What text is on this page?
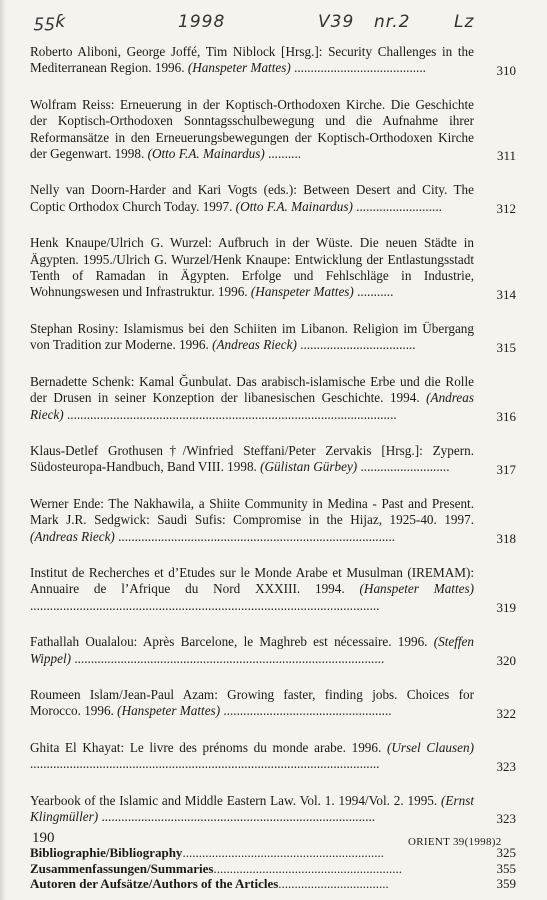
ƽƽƙ	1998	V39 nr.2	Lz
Roberto Aliboni, George Joffé, Tim Niblock [Hrsg.]: Security Challenges in the Mediterranean Region. 1996. (Hanspeter Mattes) ........................................	310
Wolfram Reiss: Erneuerung in der Koptisch-Orthodoxen Kirche. Die Geschichte der Koptisch-Orthodoxen Sonntagsschulbewegung und die Aufnahme ihrer Reformansätze in den Erneuerungsbewegungen der Koptisch-Orthodoxen Kirche der Gegenwart. 1998. (Otto F.A. Mainardus) ..........	311
Nelly van Doorn-Harder and Kari Vogts (eds.): Between Desert and City. The Coptic Orthodox Church Today. 1997. (Otto F.A. Mainardus) ..........................	312
Henk Knaupe/Ulrich G. Wurzel: Aufbruch in der Wüste. Die neuen Städte in Ägypten. 1995./Ulrich G. Wurzel/Henk Knaupe: Entwicklung der Entlastungsstadt Tenth of Ramadan in Ägypten. Erfolge und Fehlschläge in Industrie, Wohnungswesen und Infrastruktur. 1996. (Hanspeter Mattes) ...........	314
Stephan Rosiny: Islamismus bei den Schiiten im Libanon. Religion im Übergang von Tradition zur Moderne. 1996. (Andreas Rieck) ...................................	315
Bernadette Schenk: Kamal Ğunbulat. Das arabisch-islamische Erbe und die Rolle der Drusen in seiner Konzeption der libanesischen Geschichte. 1994. (Andreas Rieck) ....................................................................................................	316
Klaus-Detlef Grothusen†/Winfried Steffani/Peter Zervakis [Hrsg.]: Zypern. Südosteuropa-Handbuch, Band VIII. 1998. (Gülistan Gürbey) ...........................	317
Werner Ende: The Nakhawila, a Shiite Community in Medina - Past and Present. Mark J.R. Sedgwick: Saudi Sufis: Compromise in the Hijaz, 1925-40. 1997. (Andreas Rieck) ....................................................................................	318
Institut de Recherches et d’Etudes sur le Monde Arabe et Musulman (IREMAM): Annuaire de l’Afrique du Nord XXXIII. 1994. (Hanspeter Mattes) ..........................................................................................................	319
Fathallah Oualalou: Après Barcelone, le Maghreb est nécessaire. 1996. (Steffen Wippel) ..............................................................................................	320
Roumeen Islam/Jean-Paul Azam: Growing faster, finding jobs. Choices for Morocco. 1996. (Hanspeter Mattes) ...................................................	322
Ghita El Khayat: Le livre des prénoms du monde arabe. 1996. (Ursel Clausen) ..........................................................................................................	323
Yearbook of the Islamic and Middle Eastern Law. Vol. 1. 1994/Vol. 2. 1995. (Ernst Klingmüller) ...................................................................................	323
Bibliographie/Bibliography..............................................................	325
Zusammenfassungen/Summaries..........................................................	355
Autoren der Aufsätze/Authors of the Articles..................................	359
190	ORIENT 39(1998)2
